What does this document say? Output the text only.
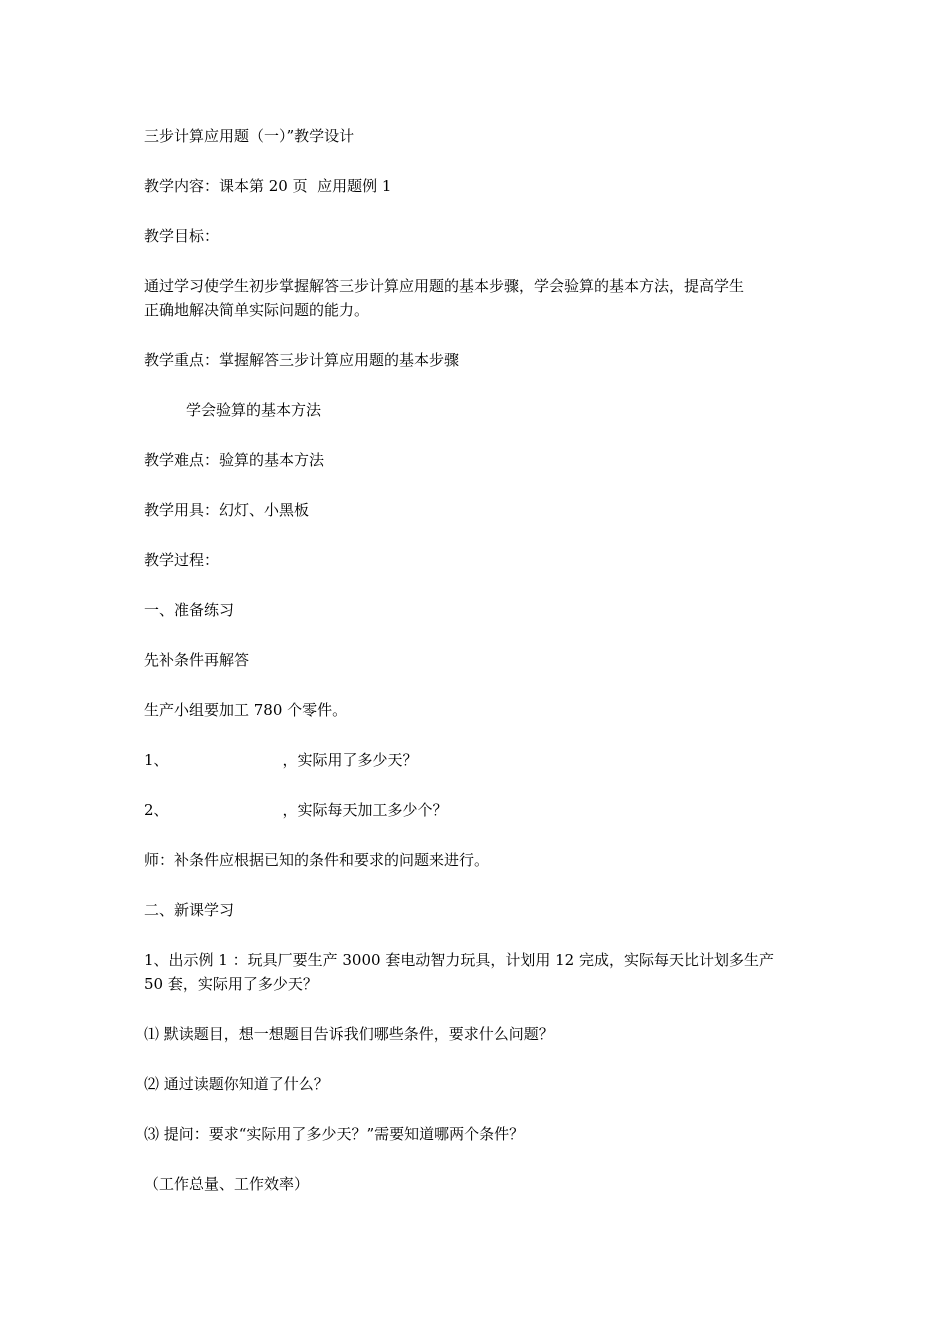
三步计算应用题（一）”教学设计

教学内容：课本第 20 页  应用题例 1

教学目标：

通过学习使学生初步掌握解答三步计算应用题的基本步骤，学会验算的基本方法，提高学生

正确地解决简单实际问题的能力。

教学重点：掌握解答三步计算应用题的基本步骤

学会验算的基本方法

教学难点：验算的基本方法

教学用具：幻灯、小黑板

教学过程：

一、准备练习

先补条件再解答

生产小组要加工 780 个零件。

1、	，实际用了多少天？

2、	，实际每天加工多少个？

师：补条件应根据已知的条件和要求的问题来进行。

二、新课学习

1、出示例 1 ：玩具厂要生产 3000 套电动智力玩具，计划用 12 完成，实际每天比计划多生产

50 套，实际用了多少天？

⑴ 默读题目，想一想题目告诉我们哪些条件，要求什么问题？

⑵ 通过读题你知道了什么？

⑶ 提问：要求“实际用了多少天？”需要知道哪两个条件？

（工作总量、工作效率）
